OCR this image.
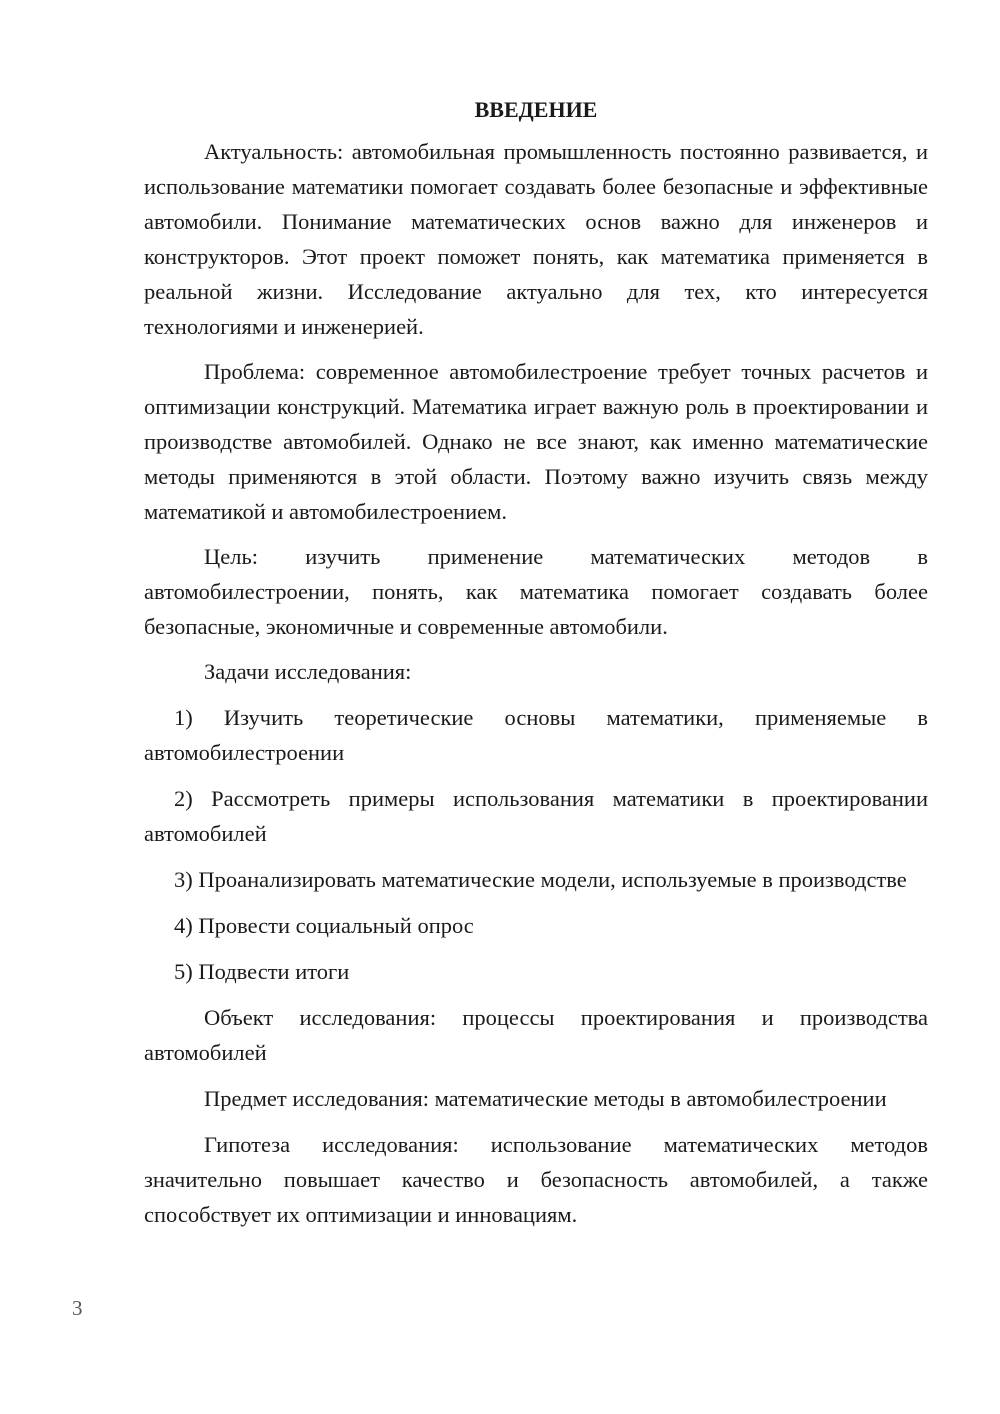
ВВЕДЕНИЕ

Актуальность: автомобильная промышленность постоянно развивается, и использование математики помогает создавать более безопасные и эффективные автомобили. Понимание математических основ важно для инженеров и конструкторов. Этот проект поможет понять, как математика применяется в реальной жизни. Исследование актуально для тех, кто интересуется технологиями и инженерией.

Проблема: современное автомобилестроение требует точных расчетов и оптимизации конструкций. Математика играет важную роль в проектировании и производстве автомобилей. Однако не все знают, как именно математические методы применяются в этой области. Поэтому важно изучить связь между математикой и автомобилестроением.

Цель: изучить применение математических методов в автомобилестроении, понять, как математика помогает создавать более безопасные, экономичные и современные автомобили.

Задачи исследования:

1) Изучить теоретические основы математики, применяемые в автомобилестроении

2) Рассмотреть примеры использования математики в проектировании автомобилей

3) Проанализировать математические модели, используемые в производстве

4) Провести социальный опрос

5) Подвести итоги

Объект исследования: процессы проектирования и производства автомобилей

Предмет исследования: математические методы в автомобилестроении

Гипотеза исследования: использование математических методов значительно повышает качество и безопасность автомобилей, а также способствует их оптимизации и инновациям.

3
